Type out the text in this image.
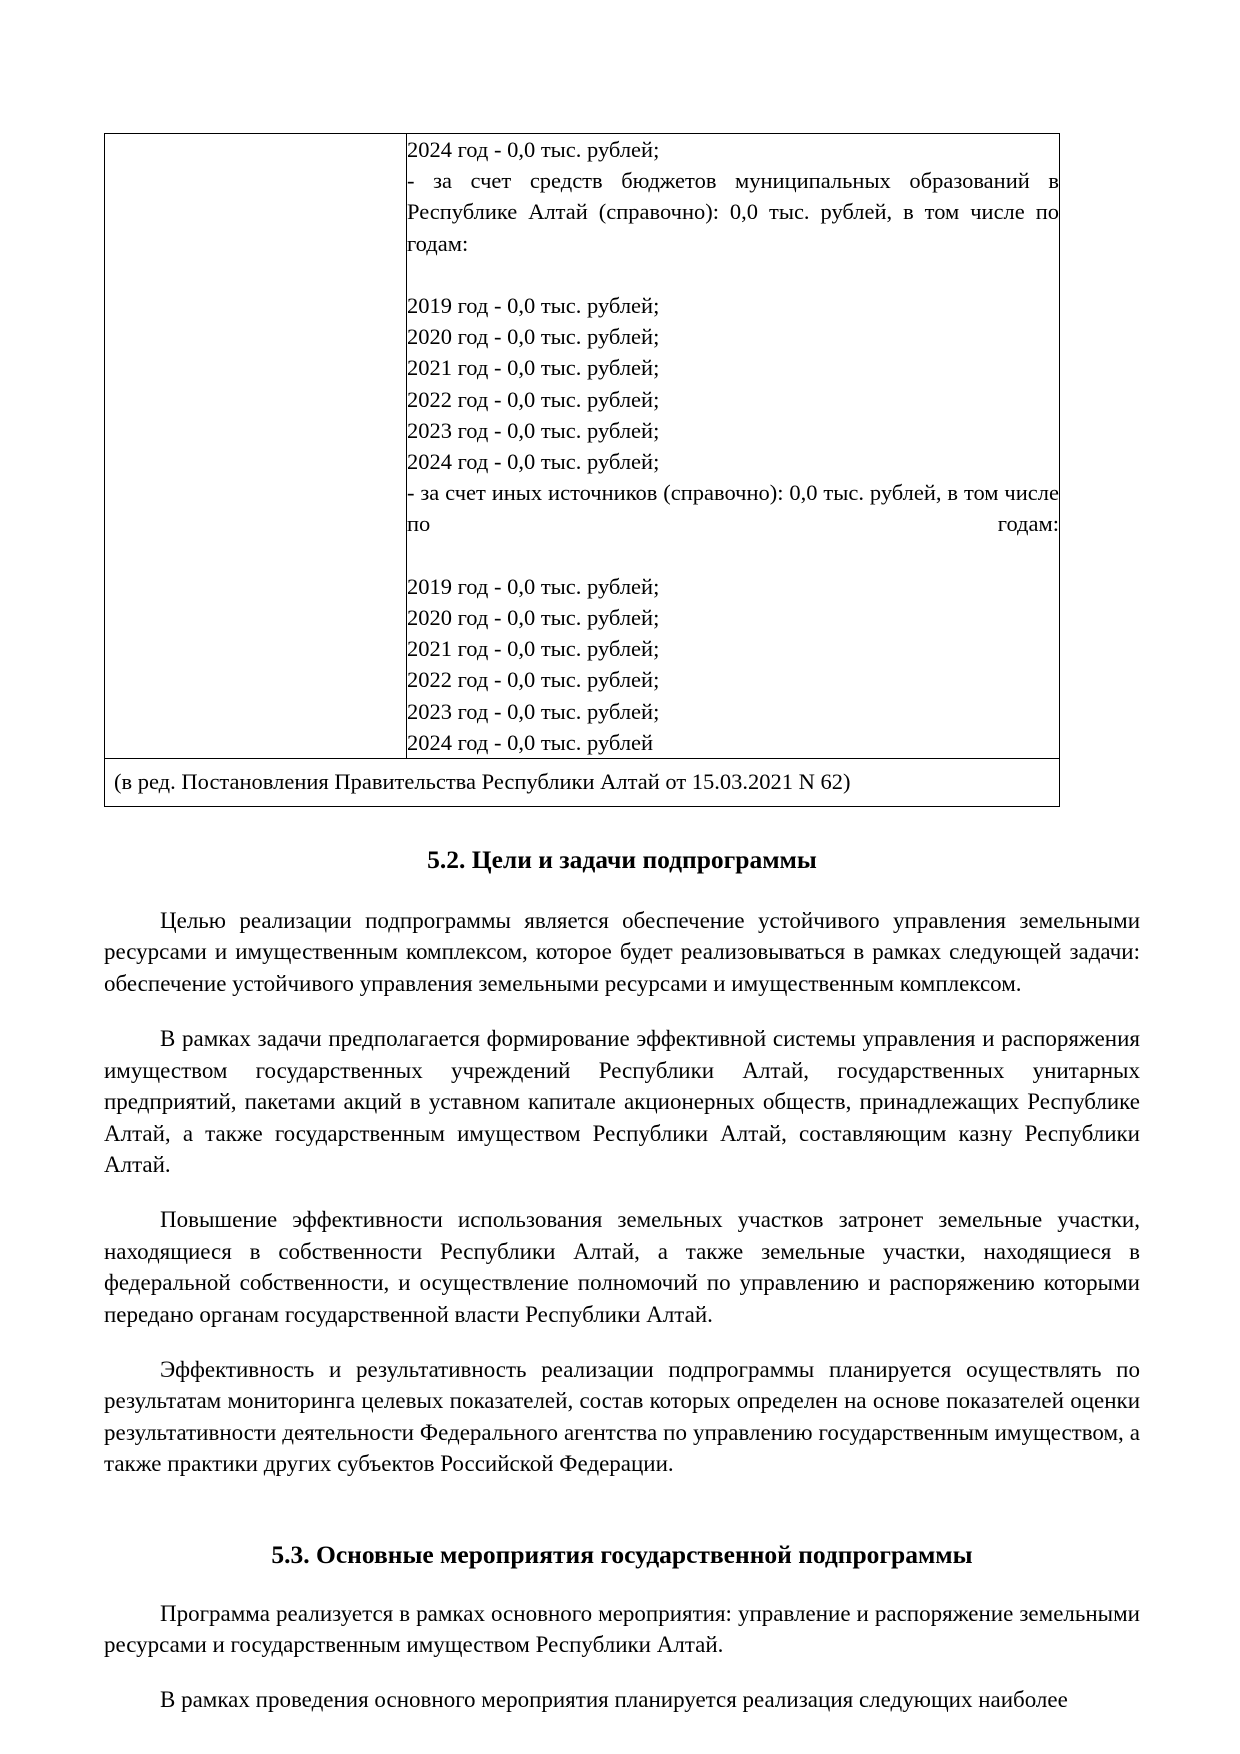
2024 год - 0,0 тыс. рублей;
- за счет средств бюджетов муниципальных образований в Республике Алтай (справочно): 0,0 тыс. рублей, в том числе по годам:
2019 год - 0,0 тыс. рублей;
2020 год - 0,0 тыс. рублей;
2021 год - 0,0 тыс. рублей;
2022 год - 0,0 тыс. рублей;
2023 год - 0,0 тыс. рублей;
2024 год - 0,0 тыс. рублей;
- за счет иных источников (справочно): 0,0 тыс. рублей, в том числе по годам:
2019 год - 0,0 тыс. рублей;
2020 год - 0,0 тыс. рублей;
2021 год - 0,0 тыс. рублей;
2022 год - 0,0 тыс. рублей;
2023 год - 0,0 тыс. рублей;
2024 год - 0,0 тыс. рублей

(в ред. Постановления Правительства Республики Алтай от 15.03.2021 N 62)
5.2. Цели и задачи подпрограммы

Целью реализации подпрограммы является обеспечение устойчивого управления земельными ресурсами и имущественным комплексом, которое будет реализовываться в рамках следующей задачи: обеспечение устойчивого управления земельными ресурсами и имущественным комплексом.

В рамках задачи предполагается формирование эффективной системы управления и распоряжения имуществом государственных учреждений Республики Алтай, государственных унитарных предприятий, пакетами акций в уставном капитале акционерных обществ, принадлежащих Республике Алтай, а также государственным имуществом Республики Алтай, составляющим казну Республики Алтай.

Повышение эффективности использования земельных участков затронет земельные участки, находящиеся в собственности Республики Алтай, а также земельные участки, находящиеся в федеральной собственности, и осуществление полномочий по управлению и распоряжению которыми передано органам государственной власти Республики Алтай.

Эффективность и результативность реализации подпрограммы планируется осуществлять по результатам мониторинга целевых показателей, состав которых определен на основе показателей оценки результативности деятельности Федерального агентства по управлению государственным имуществом, а также практики других субъектов Российской Федерации.

5.3. Основные мероприятия государственной подпрограммы

Программа реализуется в рамках основного мероприятия: управление и распоряжение земельными ресурсами и государственным имуществом Республики Алтай.

В рамках проведения основного мероприятия планируется реализация следующих наиболее
